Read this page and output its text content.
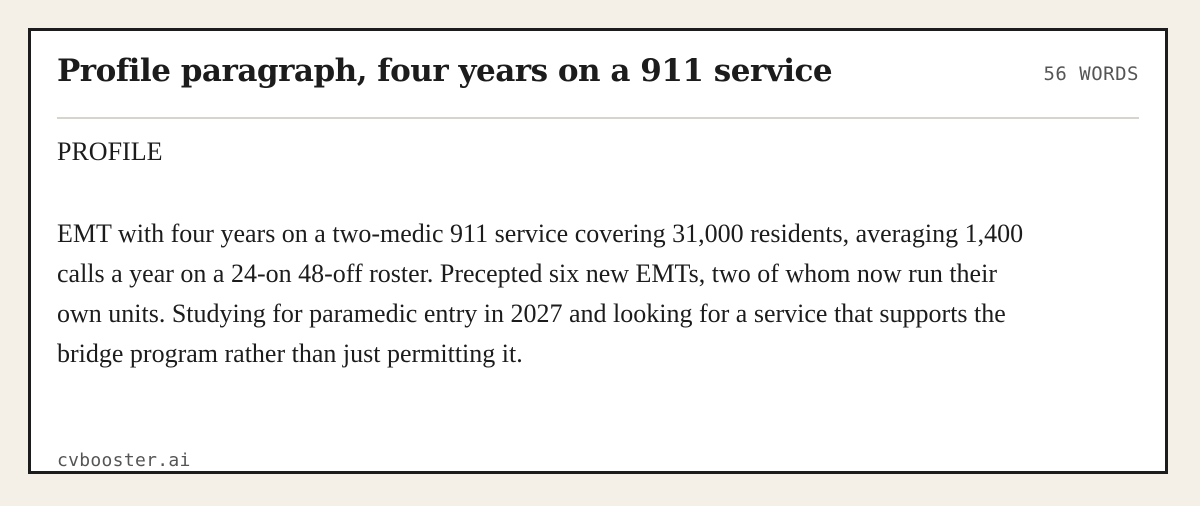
Profile paragraph, four years on a 911 service	56 WORDS
PROFILE

EMT with four years on a two-medic 911 service covering 31,000 residents, averaging 1,400 calls a year on a 24-on 48-off roster. Precepted six new EMTs, two of whom now run their own units. Studying for paramedic entry in 2027 and looking for a service that supports the bridge program rather than just permitting it.

cvbooster.ai
